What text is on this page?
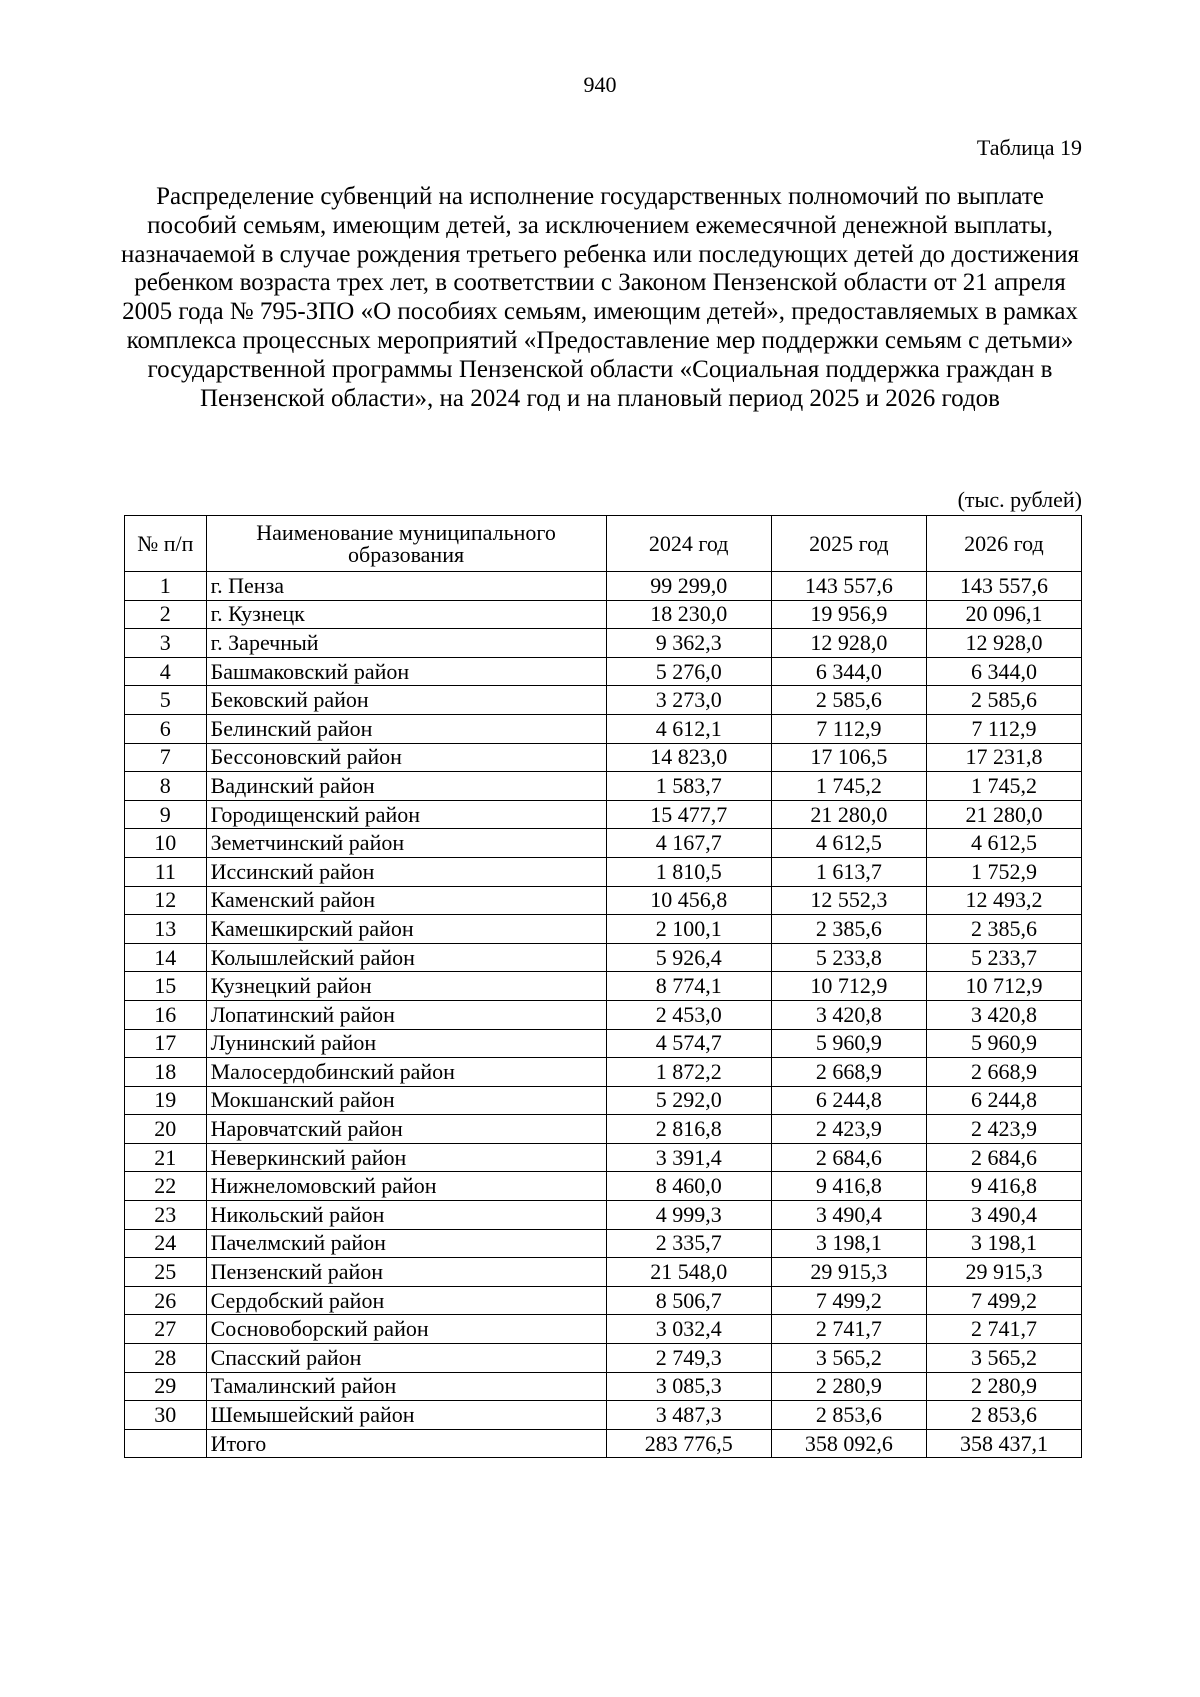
940
Таблица 19
Распределение субвенций на исполнение государственных полномочий по выплате пособий семьям, имеющим детей, за исключением ежемесячной денежной выплаты, назначаемой в случае рождения третьего ребенка или последующих детей до достижения ребенком возраста трех лет, в соответствии с Законом Пензенской области от 21 апреля 2005 года № 795-ЗПО «О пособиях семьям, имеющим детей», предоставляемых в рамках комплекса процессных мероприятий «Предоставление мер поддержки семьям с детьми» государственной программы Пензенской области «Социальная поддержка граждан в Пензенской области», на 2024 год и на плановый период 2025 и 2026 годов
(тыс. рублей)
№ п/п	Наименование муниципального образования	2024 год	2025 год	2026 год
1	г. Пенза	99 299,0	143 557,6	143 557,6
2	г. Кузнецк	18 230,0	19 956,9	20 096,1
3	г. Заречный	9 362,3	12 928,0	12 928,0
4	Башмаковский район	5 276,0	6 344,0	6 344,0
5	Бековский район	3 273,0	2 585,6	2 585,6
6	Белинский район	4 612,1	7 112,9	7 112,9
7	Бессоновский район	14 823,0	17 106,5	17 231,8
8	Вадинский район	1 583,7	1 745,2	1 745,2
9	Городищенский район	15 477,7	21 280,0	21 280,0
10	Земетчинский район	4 167,7	4 612,5	4 612,5
11	Иссинский район	1 810,5	1 613,7	1 752,9
12	Каменский район	10 456,8	12 552,3	12 493,2
13	Камешкирский район	2 100,1	2 385,6	2 385,6
14	Колышлейский район	5 926,4	5 233,8	5 233,7
15	Кузнецкий район	8 774,1	10 712,9	10 712,9
16	Лопатинский район	2 453,0	3 420,8	3 420,8
17	Лунинский район	4 574,7	5 960,9	5 960,9
18	Малосердобинский район	1 872,2	2 668,9	2 668,9
19	Мокшанский район	5 292,0	6 244,8	6 244,8
20	Наровчатский район	2 816,8	2 423,9	2 423,9
21	Неверкинский район	3 391,4	2 684,6	2 684,6
22	Нижнеломовский район	8 460,0	9 416,8	9 416,8
23	Никольский район	4 999,3	3 490,4	3 490,4
24	Пачелмский район	2 335,7	3 198,1	3 198,1
25	Пензенский район	21 548,0	29 915,3	29 915,3
26	Сердобский район	8 506,7	7 499,2	7 499,2
27	Сосновоборский район	3 032,4	2 741,7	2 741,7
28	Спасский район	2 749,3	3 565,2	3 565,2
29	Тамалинский район	3 085,3	2 280,9	2 280,9
30	Шемышейский район	3 487,3	2 853,6	2 853,6
	Итого	283 776,5	358 092,6	358 437,1
